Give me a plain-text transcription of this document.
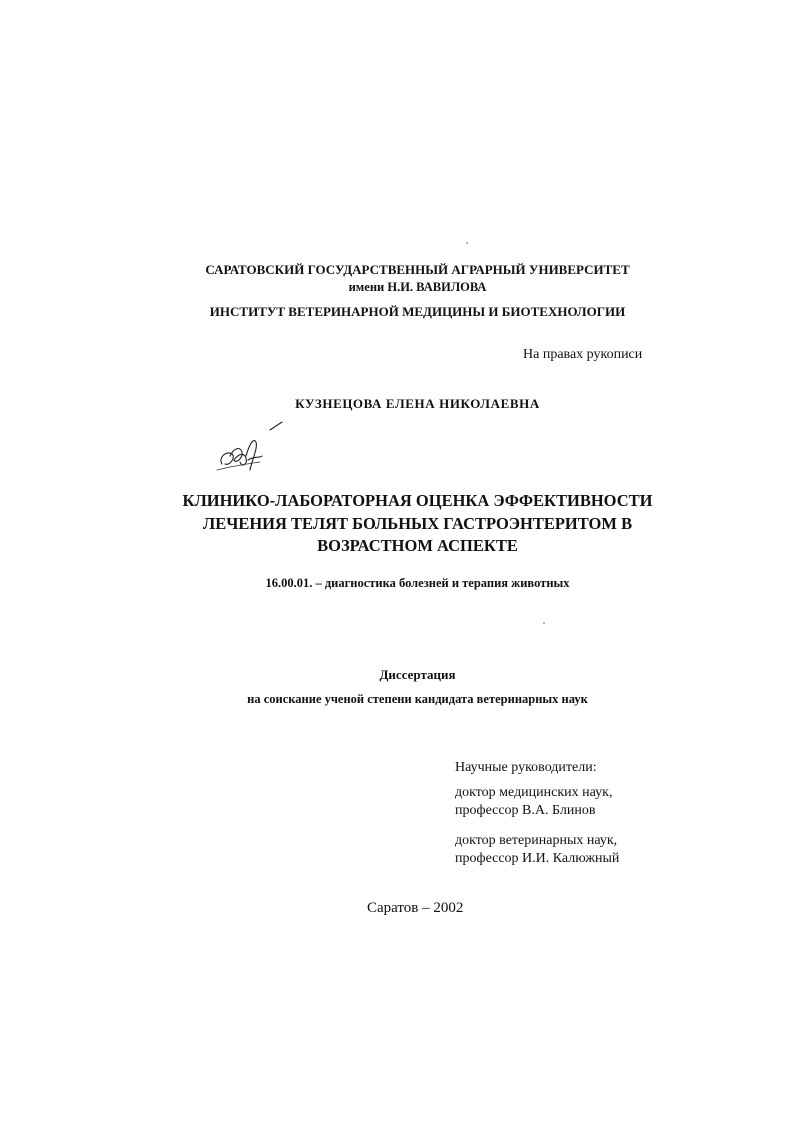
САРАТОВСКИЙ ГОСУДАРСТВЕННЫЙ АГРАРНЫЙ УНИВЕРСИТЕТ
имени Н.И. ВАВИЛОВА
ИНСТИТУТ ВЕТЕРИНАРНОЙ МЕДИЦИНЫ И БИОТЕХНОЛОГИИ
На правах рукописи
КУЗНЕЦОВА ЕЛЕНА НИКОЛАЕВНА
КЛИНИКО-ЛАБОРАТОРНАЯ ОЦЕНКА ЭФФЕКТИВНОСТИ
ЛЕЧЕНИЯ ТЕЛЯТ БОЛЬНЫХ ГАСТРОЭНТЕРИТОМ В
ВОЗРАСТНОМ АСПЕКТЕ
16.00.01. – диагностика болезней и терапия животных
Диссертация
на соискание ученой степени кандидата ветеринарных наук
Научные руководители:
доктор медицинских наук,
профессор В.А. Блинов
доктор ветеринарных наук,
профессор И.И. Калюжный
Саратов – 2002
